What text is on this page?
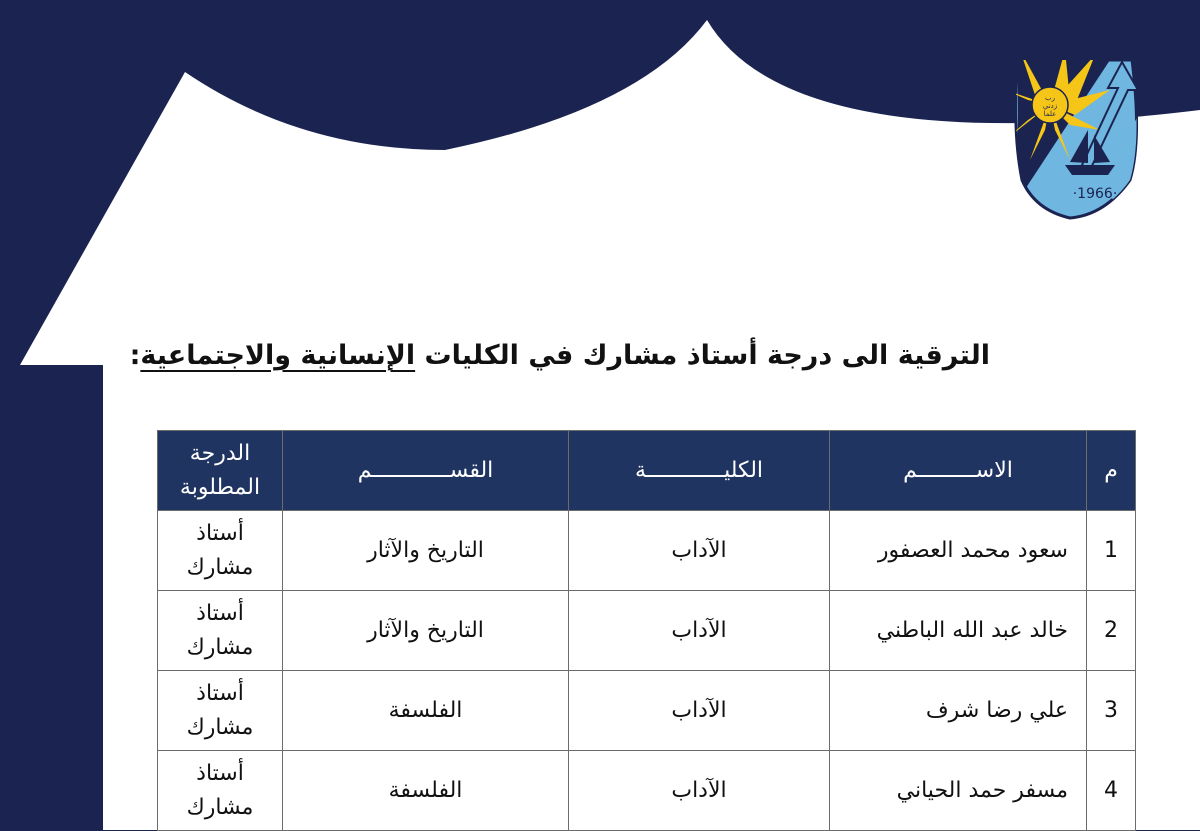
رب
زدني
علما
·1966·
الترقية الى درجة أستاذ مشارك في الكليات الإنسانية والاجتماعية:
م	الاســـــــــم	الكليــــــــــــة	القســــــــــــم	الدرجة المطلوبة
1	سعود محمد العصفور	الآداب	التاريخ والآثار	أستاذ مشارك
2	خالد عبد الله الباطني	الآداب	التاريخ والآثار	أستاذ مشارك
3	علي رضا شرف	الآداب	الفلسفة	أستاذ مشارك
4	مسفر حمد الحياني	الآداب	الفلسفة	أستاذ مشارك
